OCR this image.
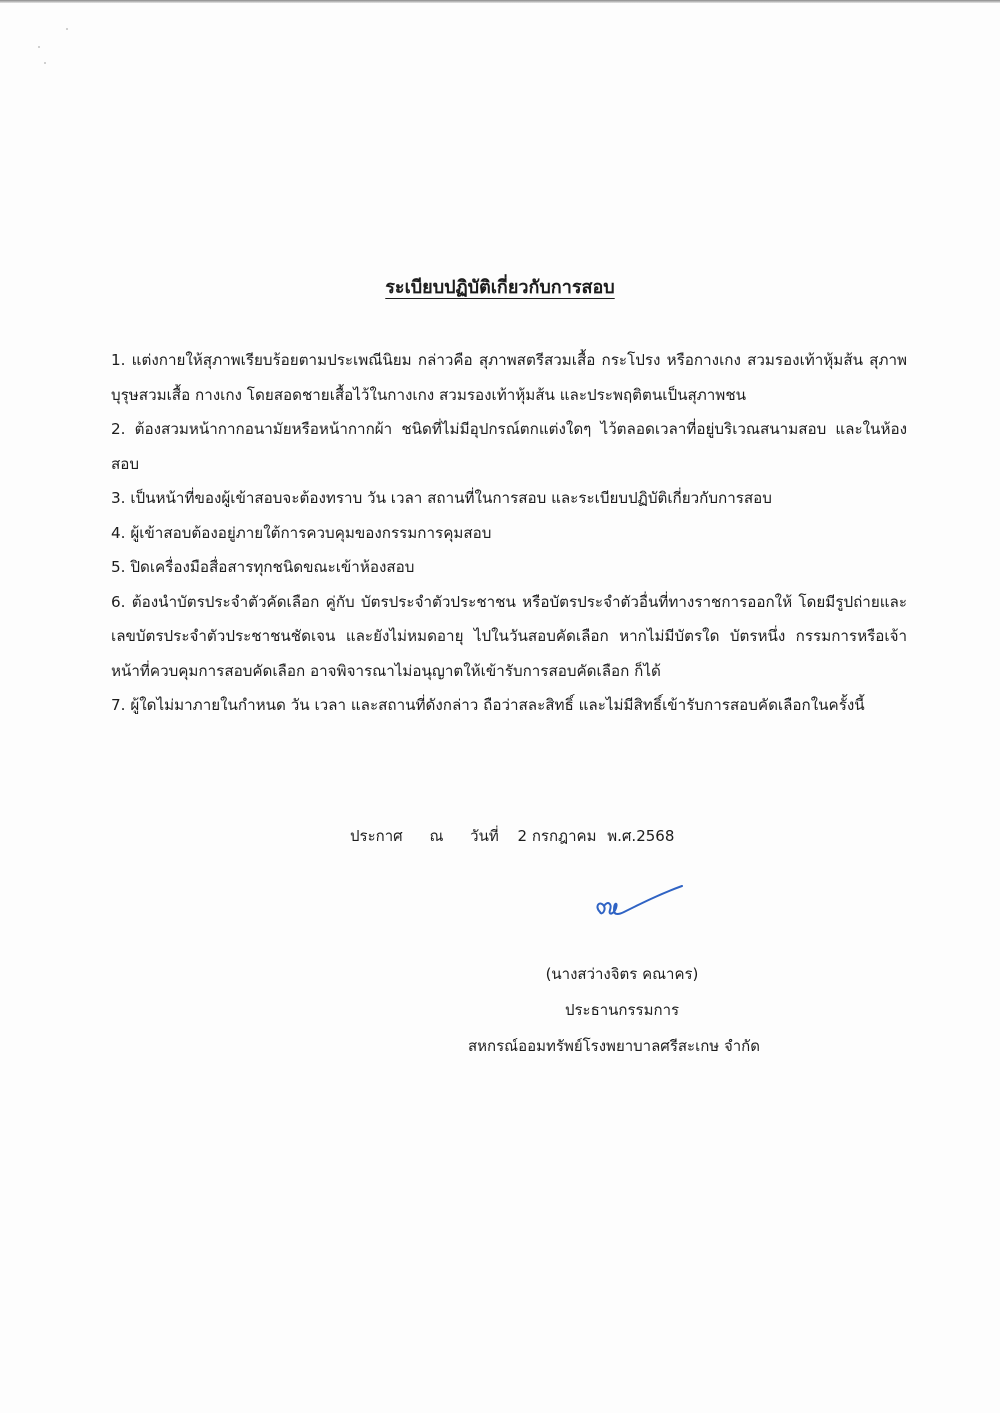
ระเบียบปฏิบัติเกี่ยวกับการสอบ
1. แต่งกายให้สุภาพเรียบร้อยตามประเพณีนิยม กล่าวคือ สุภาพสตรีสวมเสื้อ กระโปรง หรือกางเกง สวมรองเท้าหุ้มส้น สุภาพบุรุษสวมเสื้อ กางเกง โดยสอดชายเสื้อไว้ในกางเกง สวมรองเท้าหุ้มส้น และประพฤติตนเป็นสุภาพชน
2. ต้องสวมหน้ากากอนามัยหรือหน้ากากผ้า ชนิดที่ไม่มีอุปกรณ์ตกแต่งใดๆ ไว้ตลอดเวลาที่อยู่บริเวณสนามสอบ และในห้องสอบ
3. เป็นหน้าที่ของผู้เข้าสอบจะต้องทราบ วัน เวลา สถานที่ในการสอบ และระเบียบปฏิบัติเกี่ยวกับการสอบ
4. ผู้เข้าสอบต้องอยู่ภายใต้การควบคุมของกรรมการคุมสอบ
5. ปิดเครื่องมือสื่อสารทุกชนิดขณะเข้าห้องสอบ
6. ต้องนำบัตรประจำตัวคัดเลือก คู่กับ บัตรประจำตัวประชาชน หรือบัตรประจำตัวอื่นที่ทางราชการออกให้ โดยมีรูปถ่ายและเลขบัตรประจำตัวประชาชนชัดเจน และยังไม่หมดอายุ ไปในวันสอบคัดเลือก หากไม่มีบัตรใด บัตรหนึ่ง กรรมการหรือเจ้าหน้าที่ควบคุมการสอบคัดเลือก อาจพิจารณาไม่อนุญาตให้เข้ารับการสอบคัดเลือก ก็ได้
7. ผู้ใดไม่มาภายในกำหนด วัน เวลา และสถานที่ดังกล่าว ถือว่าสละสิทธิ์ และไม่มีสิทธิ์เข้ารับการสอบคัดเลือกในครั้งนี้
ประกาศ ณ วันที่ 2 กรกฎาคม พ.ศ.2568

(นางสว่างจิตร คณาคร)

ประธานกรรมการ

สหกรณ์ออมทรัพย์โรงพยาบาลศรีสะเกษ จำกัด
